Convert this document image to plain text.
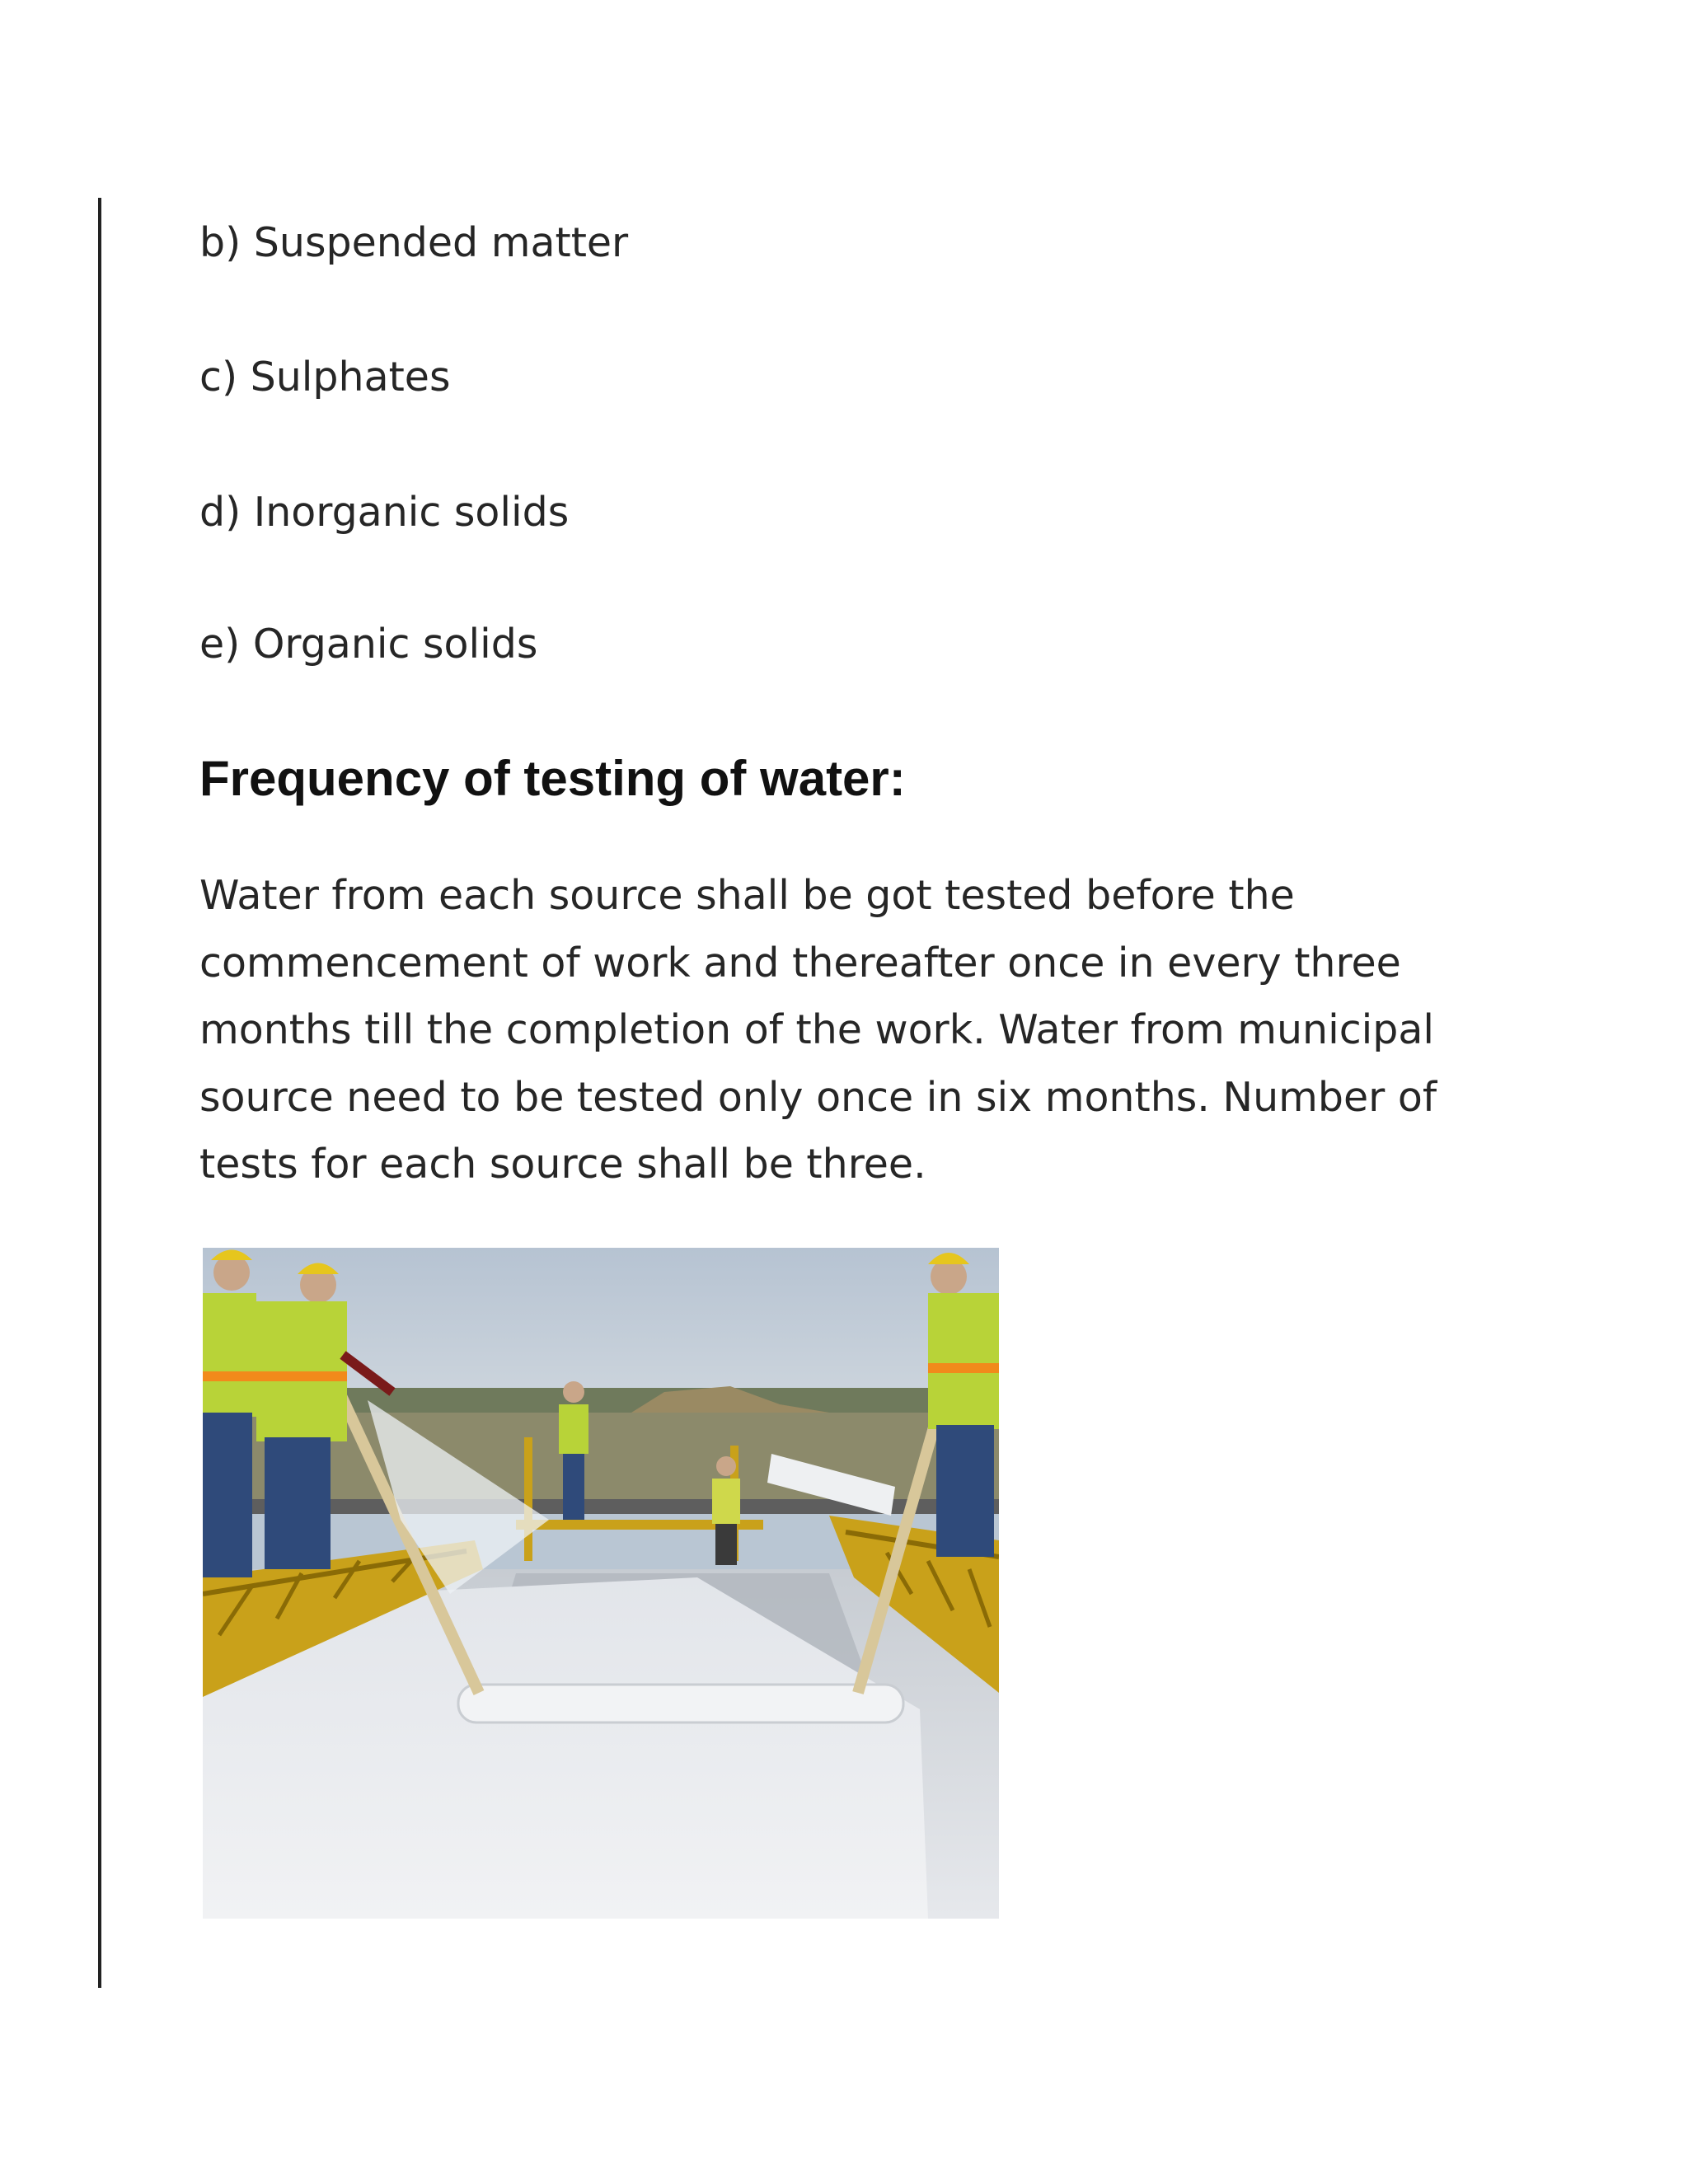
b) Suspended matter
c) Sulphates
d) Inorganic solids
e) Organic solids
Frequency of testing of water:
Water from each source shall be got tested before the
commencement of work and thereafter once in every three
months till the completion of the work. Water from municipal
source need to be tested only once in six months. Number of
tests for each source shall be three.
